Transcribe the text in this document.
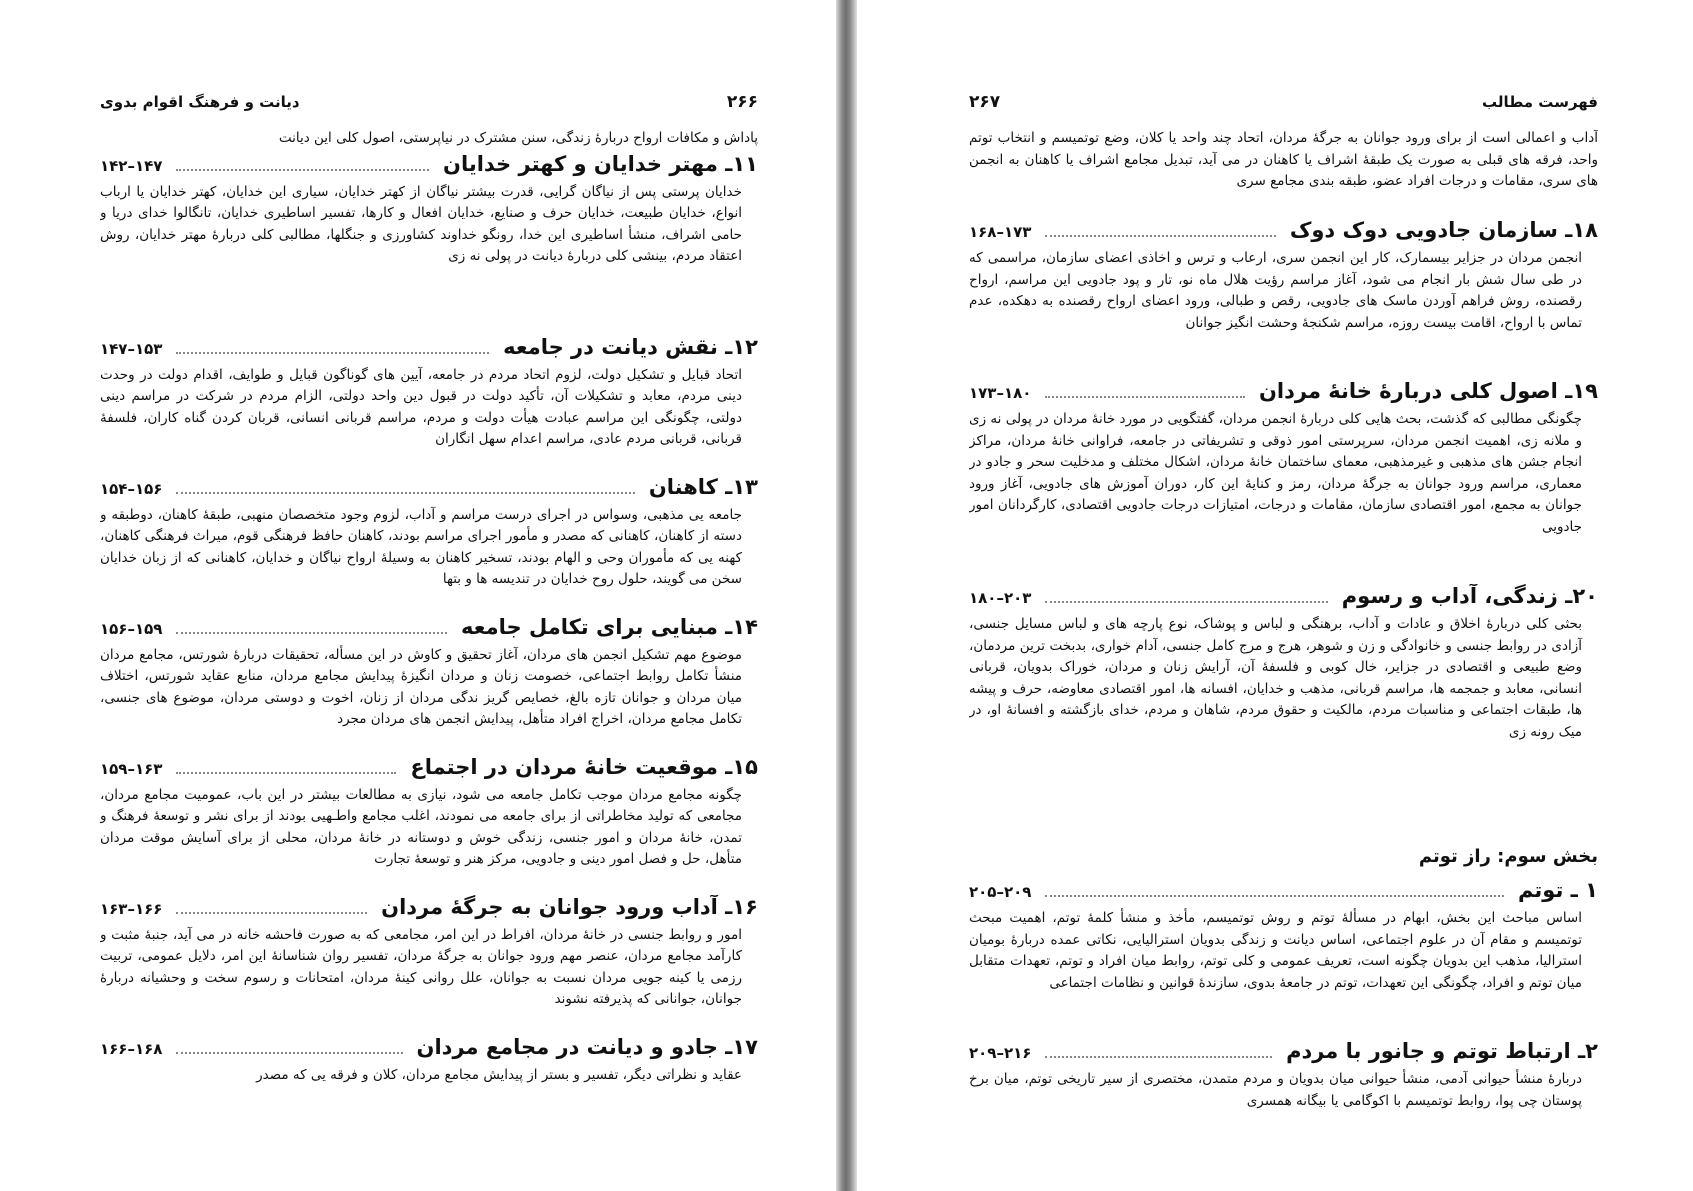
۲۶۶
دیانت و فرهنگ اقوام بدوی

پاداش و مکافات ارواح دربارهٔ زندگی، سنن مشترک در نیاپرستی، اصول کلی این دیانت

۱۱ـ مهتر خدایان و کهتر خدایان
۱۴۲–۱۴۷

خدایان پرستی پس از نیاگان گرایی، قدرت بیشتر نیاگان از کهتر خدایان، سیاری این خدایان، کهتر خدایان یا ارباب انواع، خدایان طبیعت، خدایان حرف و صنایع، خدایان افعال و کارها، تفسیر اساطیری خدایان، تانگالوا خدای دریا و حامی اشراف، منشأ اساطیری این خدا، رونگو خداوند کشاورزی و جنگلها، مطالبی کلی دربارهٔ مهتر خدایان، روش اعتقاد مردم، بینشی کلی دربارهٔ دیانت در پولی نه زی

۱۲ـ نقش دیانت در جامعه
۱۴۷–۱۵۳

اتحاد قبایل و تشکیل دولت، لزوم اتحاد مردم در جامعه، آیین های گوناگون قبایل و طوایف، اقدام دولت در وحدت دینی مردم، معابد و تشکیلات آن، تأکید دولت در قبول دین واحد دولتی، الزام مردم در شرکت در مراسم دینی دولتی، چگونگی این مراسم عبادت هیأت دولت و مردم، مراسم قربانی انسانی، قربان کردن گناه کاران، فلسفهٔ قربانی، قربانی مردم عادی، مراسم اعدام سهل انگاران

۱۳ـ کاهنان
۱۵۴–۱۵۶

جامعه یی مذهبی، وسواس در اجرای درست مراسم و آداب، لزوم وجود متخصصان منهبی، طبقهٔ کاهنان، دوطبقه و دسته از کاهنان، کاهنانی که مصدر و مأمور اجرای مراسم بودند، کاهنان حافظ فرهنگی قوم، میراث فرهنگی کاهنان، کهنه یی که مأموران وحی و الهام بودند، تسخیر کاهنان به وسیلهٔ ارواح نیاگان و خدایان، کاهنانی که از زبان خدایان سخن می گویند، حلول روح خدایان در تندیسه ها و بتها

۱۴ـ مبنایی برای تکامل جامعه
۱۵۶–۱۵۹

موضوع مهم تشکیل انجمن های مردان، آغاز تحقیق و کاوش در این مسأله، تحقیقات دربارهٔ شورتس، مجامع مردان منشأ تکامل روابط اجتماعی، خصومت زنان و مردان انگیزهٔ پیدایش مجامع مردان، منابع عقاید شورتس، اختلاف میان مردان و جوانان تازه بالغ، خصایص گریز ندگی مردان از زنان، اخوت و دوستی مردان، موضوع های جنسی، تکامل مجامع مردان، اخراج افراد متأهل، پیدایش انجمن های مردان مجرد

۱۵ـ موقعیت خانهٔ مردان در اجتماع
۱۵۹–۱۶۳

چگونه مجامع مردان موجب تکامل جامعه می شود، نیازی به مطالعات بیشتر در این باب، عمومیت مجامع مردان، مجامعی که تولید مخاطراتی از برای جامعه می نمودند، اغلب مجامع واطـهیی بودند از برای نشر و توسعهٔ فرهنگ و تمدن، خانهٔ مردان و امور جنسی، زندگی خوش و دوستانه در خانهٔ مردان، محلی از برای آسایش موقت مردان متأهل، حل و فصل امور دینی و جادویی، مرکز هنر و توسعهٔ تجارت

۱۶ـ آداب ورود جوانان به جرگهٔ مردان
۱۶۳–۱۶۶

امور و روابط جنسی در خانهٔ مردان، افراط در این امر، مجامعی که به صورت فاحشه خانه در می آید، جنبهٔ مثبت و کارآمد مجامع مردان، عنصر مهم ورود جوانان به جرگهٔ مردان، تفسیر روان شناسانهٔ این امر، دلایل عمومی، تربیت رزمی یا کینه جویی مردان نسبت به جوانان، علل روانی کینهٔ مردان، امتحانات و رسوم سخت و وحشیانه دربارهٔ جوانان، جوانانی که پذیرفته نشوند

۱۷ـ جادو و دیانت در مجامع مردان
۱۶۶–۱۶۸

عقاید و نظراتی دیگر، تفسیر و بستر از پیدایش مجامع مردان، کلان و فرقه یی که مصدر

فهرست مطالب
۲۶۷

آداب و اعمالی است از برای ورود جوانان به جرگهٔ مردان، اتحاد چند واحد یا کلان، وضع توتمیسم و انتخاب توتم واحد، فرقه های قبلی به صورت یک طبقهٔ اشراف یا کاهنان در می آید، تبدیل مجامع اشراف یا کاهنان به انجمن های سری، مقامات و درجات افراد عضو، طبقه بندی مجامع سری

۱۸ـ سازمان جادویی دوک دوک
۱۶۸–۱۷۳

انجمن مردان در جزایر بیسمارک، کار این انجمن سری، ارعاب و ترس و اخاذی اعضای سازمان، مراسمی که در طی سال شش بار انجام می شود، آغاز مراسم رؤیت هلال ماه نو، تار و پود جادویی این مراسم، ارواح رقصنده، روش فراهم آوردن ماسک های جادویی، رقص و طبالی، ورود اعضای ارواح رقصنده به دهکده، عدم تماس با ارواح، اقامت بیست روزه، مراسم شکنجهٔ وحشت انگیز جوانان

۱۹ـ اصول کلی دربارهٔ خانهٔ مردان
۱۷۳–۱۸۰

چگونگی مطالبی که گذشت، بحث هایی کلی دربارهٔ انجمن مردان، گفتگویی در مورد خانهٔ مردان در پولی نه زی و ملانه زی، اهمیت انجمن مردان، سرپرستی امور ذوقی و تشریفاتی در جامعه، فراوانی خانهٔ مردان، مراکز انجام جشن های مذهبی و غیرمذهبی، معمای ساختمان خانهٔ مردان، اشکال مختلف و مدخلیت سحر و جادو در معماری، مراسم ورود جوانان به جرگهٔ مردان، رمز و کنایهٔ این کار، دوران آموزش های جادویی، آغاز ورود جوانان به مجمع، امور اقتصادی سازمان، مقامات و درجات، امتیازات درجات جادویی اقتصادی، کارگردانان امور جادویی

۲۰ـ زندگی، آداب و رسوم
۱۸۰–۲۰۳

بحثی کلی دربارهٔ اخلاق و عادات و آداب، برهنگی و لباس و پوشاک، نوع پارچه های و لباس مسایل جنسی، آزادی در روابط جنسی و خانوادگی و زن و شوهر، هرج و مرج کامل جنسی، آدام خواری، بدبخت ترین مردمان، وضع طبیعی و اقتصادی در جزایر، خال کوبی و فلسفهٔ آن، آرایش زنان و مردان، خوراک بدویان، قربانی انسانی، معابد و جمجمه ها، مراسم قربانی، مذهب و خدایان، افسانه ها، امور اقتصادی معاوضه، حرف و پیشه ها، طبقات اجتماعی و مناسبات مردم، مالکیت و حقوق مردم، شاهان و مردم، خدای بازگشته و افسانهٔ او، در میک رونه زی

بخش سوم: راز توتم
۱ ـ توتم
۲۰۵–۲۰۹

اساس مباحث این بخش، ابهام در مسألهٔ توتم و روش توتمیسم، مأخذ و منشأ کلمهٔ توتم، اهمیت مبحث توتمیسم و مقام آن در علوم اجتماعی، اساس دیانت و زندگی بدویان استرالیایی، نکاتی عمده دربارهٔ بومیان استرالیا، مذهب این بدویان چگونه است، تعریف عمومی و کلی توتم، روابط میان افراد و توتم، تعهدات متقابل میان توتم و افراد، چگونگی این تعهدات، توتم در جامعهٔ بدوی، سازندهٔ قوانین و نظامات اجتماعی

۲ـ ارتباط توتم و جانور با مردم
۲۰۹–۲۱۶

دربارهٔ منشأ حیوانی آدمی، منشأ حیوانی میان بدویان و مردم متمدن، مختصری از سیر تاریخی توتم، میان برخ پوستان چی پوا، روابط توتمیسم با اکوگامی یا بیگانه همسری
